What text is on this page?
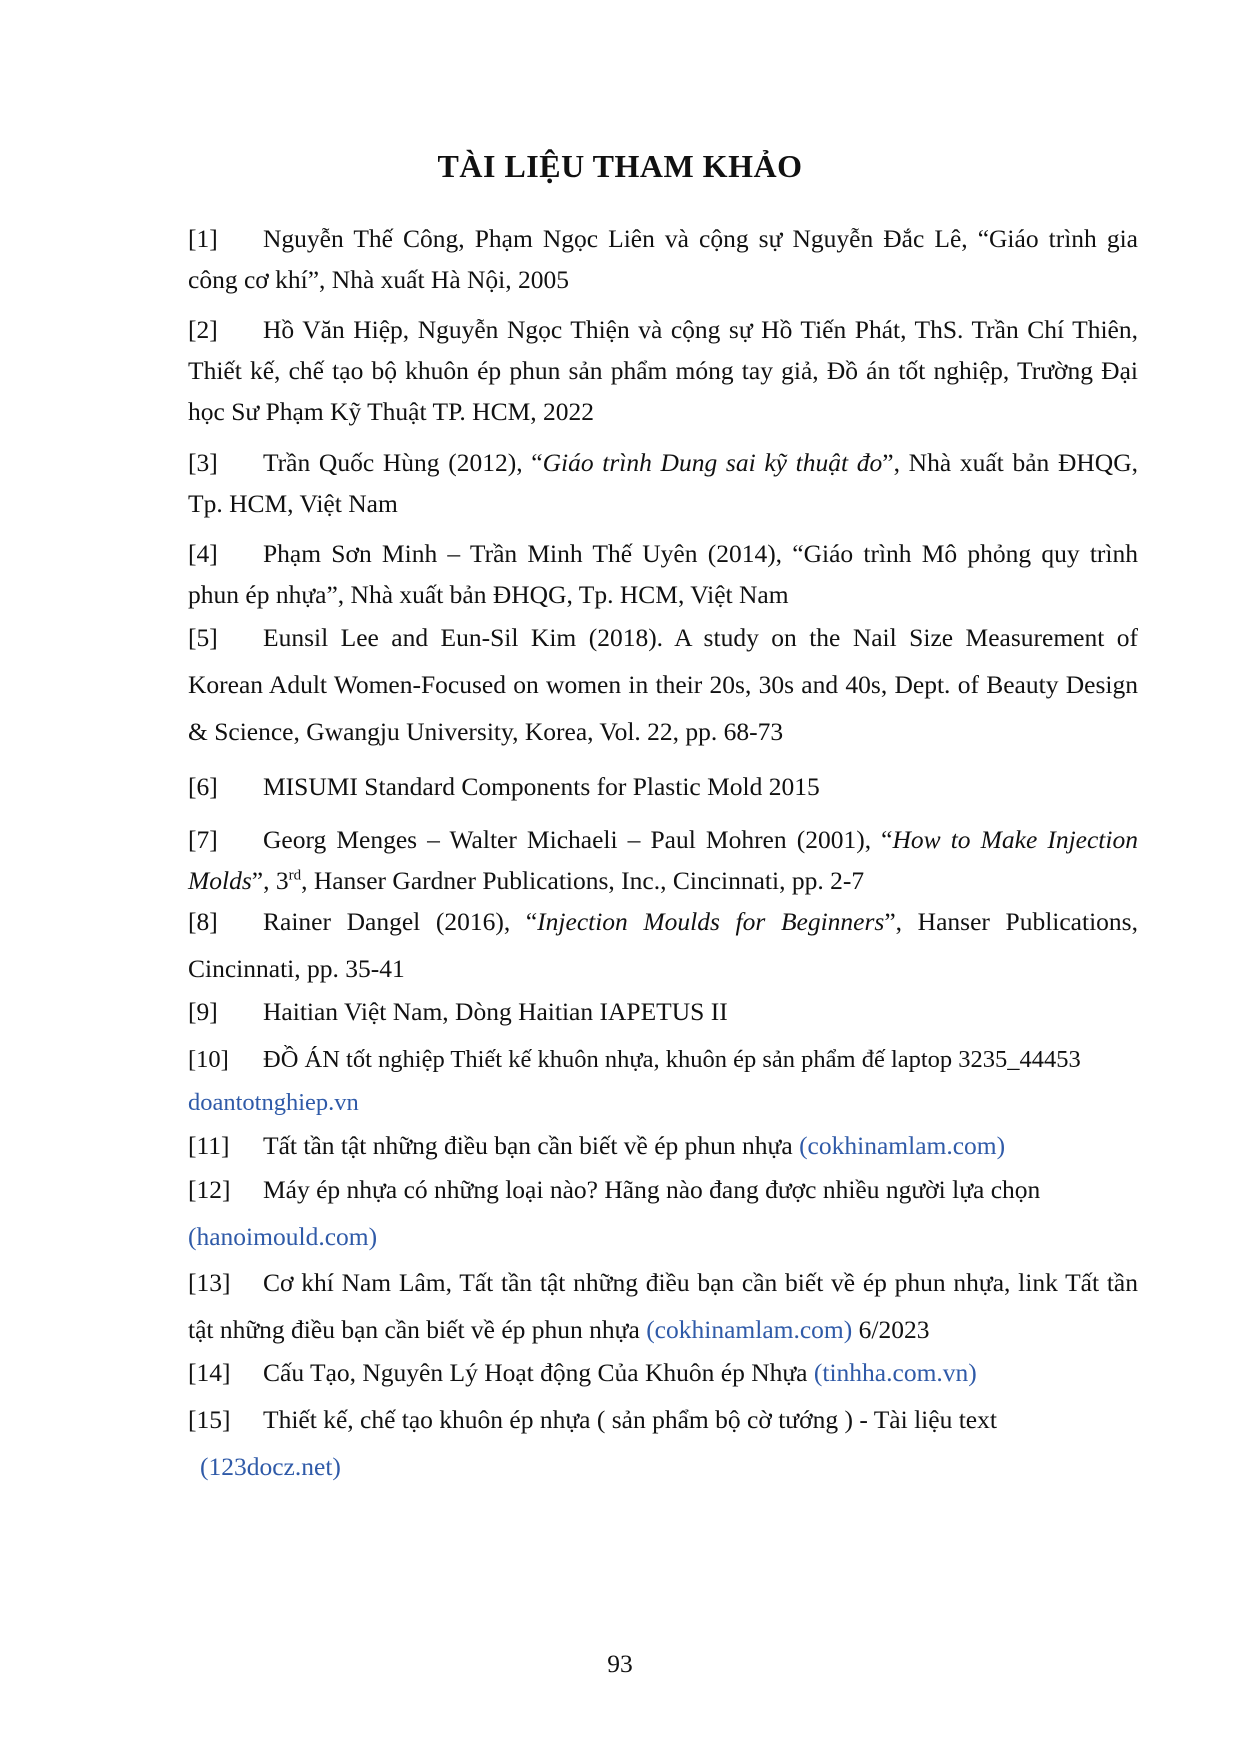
TÀI LIỆU THAM KHẢO
[1] Nguyễn Thế Công, Phạm Ngọc Liên và cộng sự Nguyễn Đắc Lê, “Giáo trình gia công cơ khí”, Nhà xuất Hà Nội, 2005
[2] Hồ Văn Hiệp, Nguyễn Ngọc Thiện và cộng sự Hồ Tiến Phát, ThS. Trần Chí Thiên, Thiết kế, chế tạo bộ khuôn ép phun sản phẩm móng tay giả, Đồ án tốt nghiệp, Trường Đại học Sư Phạm Kỹ Thuật TP. HCM, 2022
[3] Trần Quốc Hùng (2012), “Giáo trình Dung sai kỹ thuật đo”, Nhà xuất bản ĐHQG, Tp. HCM, Việt Nam
[4] Phạm Sơn Minh – Trần Minh Thế Uyên (2014), “Giáo trình Mô phỏng quy trình phun ép nhựa”, Nhà xuất bản ĐHQG, Tp. HCM, Việt Nam
[5] Eunsil Lee and Eun-Sil Kim (2018). A study on the Nail Size Measurement of Korean Adult Women-Focused on women in their 20s, 30s and 40s, Dept. of Beauty Design & Science, Gwangju University, Korea, Vol. 22, pp. 68-73
[6] MISUMI Standard Components for Plastic Mold 2015
[7] Georg Menges – Walter Michaeli – Paul Mohren (2001), “How to Make Injection Molds”, 3rd, Hanser Gardner Publications, Inc., Cincinnati, pp. 2-7
[8] Rainer Dangel (2016), “Injection Moulds for Beginners”, Hanser Publications, Cincinnati, pp. 35-41
[9] Haitian Việt Nam, Dòng Haitian IAPETUS II
[10] ĐỒ ÁN tốt nghiệp Thiết kế khuôn nhựa, khuôn ép sản phẩm đế laptop 3235_44453
doantotnghiep.vn
[11] Tất tần tật những điều bạn cần biết về ép phun nhựa (cokhinamlam.com)
[12] Máy ép nhựa có những loại nào? Hãng nào đang được nhiều người lựa chọn
(hanoimould.com)
[13] Cơ khí Nam Lâm, Tất tần tật những điều bạn cần biết về ép phun nhựa, link Tất tần tật những điều bạn cần biết về ép phun nhựa (cokhinamlam.com) 6/2023
[14] Cấu Tạo, Nguyên Lý Hoạt động Của Khuôn ép Nhựa (tinhha.com.vn)
[15] Thiết kế, chế tạo khuôn ép nhựa ( sản phẩm bộ cờ tướng ) - Tài liệu text
(123docz.net)
93
